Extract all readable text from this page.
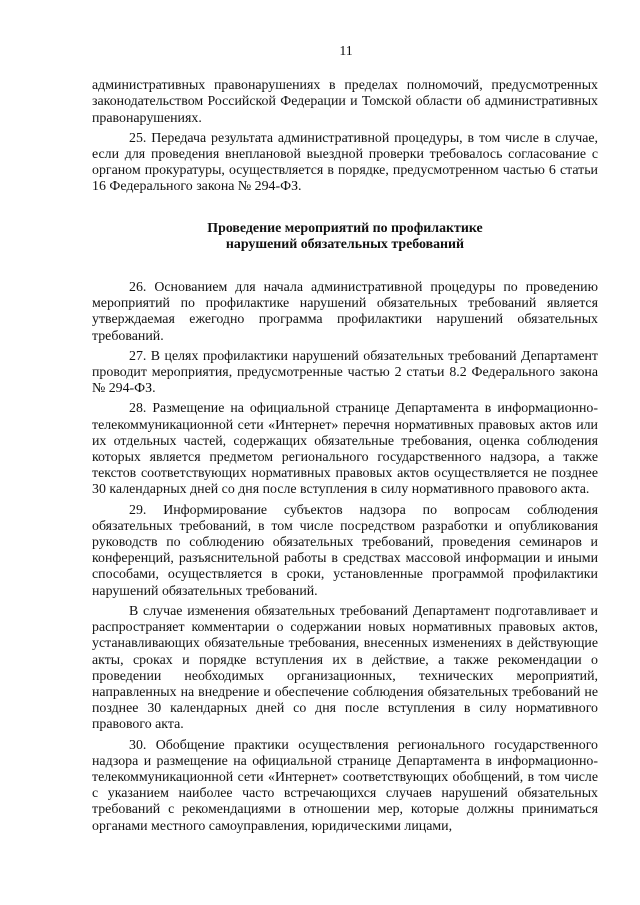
11

административных правонарушениях в пределах полномочий, предусмотренных законодательством Российской Федерации и Томской области об административных правонарушениях.

25. Передача результата административной процедуры, в том числе в случае, если для проведения внеплановой выездной проверки требовалось согласование с органом прокуратуры, осуществляется в порядке, предусмотренном частью 6 статьи 16 Федерального закона № 294-ФЗ.

Проведение мероприятий по профилактике
нарушений обязательных требований

26. Основанием для начала административной процедуры по проведению мероприятий по профилактике нарушений обязательных требований является утверждаемая ежегодно программа профилактики нарушений обязательных требований.

27. В целях профилактики нарушений обязательных требований Департамент проводит мероприятия, предусмотренные частью 2 статьи 8.2 Федерального закона № 294-ФЗ.

28. Размещение на официальной странице Департамента в информационно-телекоммуникационной сети «Интернет» перечня нормативных правовых актов или их отдельных частей, содержащих обязательные требования, оценка соблюдения которых является предметом регионального государственного надзора, а также текстов соответствующих нормативных правовых актов осуществляется не позднее 30 календарных дней со дня после вступления в силу нормативного правового акта.

29. Информирование субъектов надзора по вопросам соблюдения обязательных требований, в том числе посредством разработки и опубликования руководств по соблюдению обязательных требований, проведения семинаров и конференций, разъяснительной работы в средствах массовой информации и иными способами, осуществляется в сроки, установленные программой профилактики нарушений обязательных требований.

В случае изменения обязательных требований Департамент подготавливает и распространяет комментарии о содержании новых нормативных правовых актов, устанавливающих обязательные требования, внесенных изменениях в действующие акты, сроках и порядке вступления их в действие, а также рекомендации о проведении необходимых организационных, технических мероприятий, направленных на внедрение и обеспечение соблюдения обязательных требований не позднее 30 календарных дней со дня после вступления в силу нормативного правового акта.

30. Обобщение практики осуществления регионального государственного надзора и размещение на официальной странице Департамента в информационно-телекоммуникационной сети «Интернет» соответствующих обобщений, в том числе с указанием наиболее часто встречающихся случаев нарушений обязательных требований с рекомендациями в отношении мер, которые должны приниматься органами местного самоуправления, юридическими лицами,
